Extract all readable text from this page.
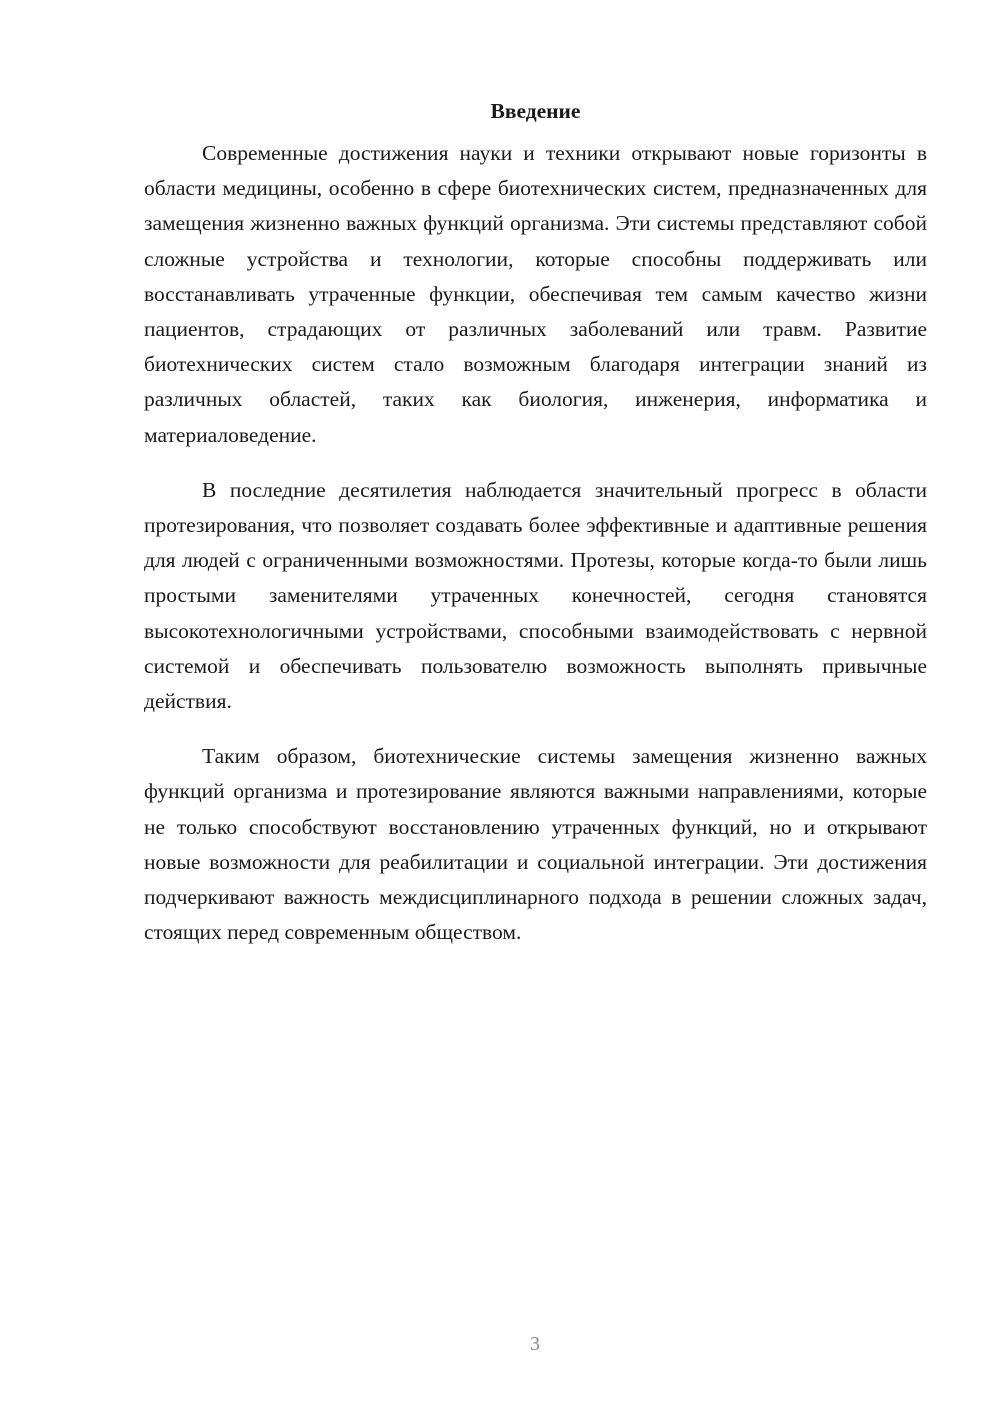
Введение

Современные достижения науки и техники открывают новые горизонты в области медицины, особенно в сфере биотехнических систем, предназначенных для замещения жизненно важных функций организма. Эти системы представляют собой сложные устройства и технологии, которые способны поддерживать или восстанавливать утраченные функции, обеспечивая тем самым качество жизни пациентов, страдающих от различных заболеваний или травм. Развитие биотехнических систем стало возможным благодаря интеграции знаний из различных областей, таких как биология, инженерия, информатика и материаловедение.

В последние десятилетия наблюдается значительный прогресс в области протезирования, что позволяет создавать более эффективные и адаптивные решения для людей с ограниченными возможностями. Протезы, которые когда-то были лишь простыми заменителями утраченных конечностей, сегодня становятся высокотехнологичными устройствами, способными взаимодействовать с нервной системой и обеспечивать пользователю возможность выполнять привычные действия.

Таким образом, биотехнические системы замещения жизненно важных функций организма и протезирование являются важными направлениями, которые не только способствуют восстановлению утраченных функций, но и открывают новые возможности для реабилитации и социальной интеграции. Эти достижения подчеркивают важность междисциплинарного подхода в решении сложных задач, стоящих перед современным обществом.

3
